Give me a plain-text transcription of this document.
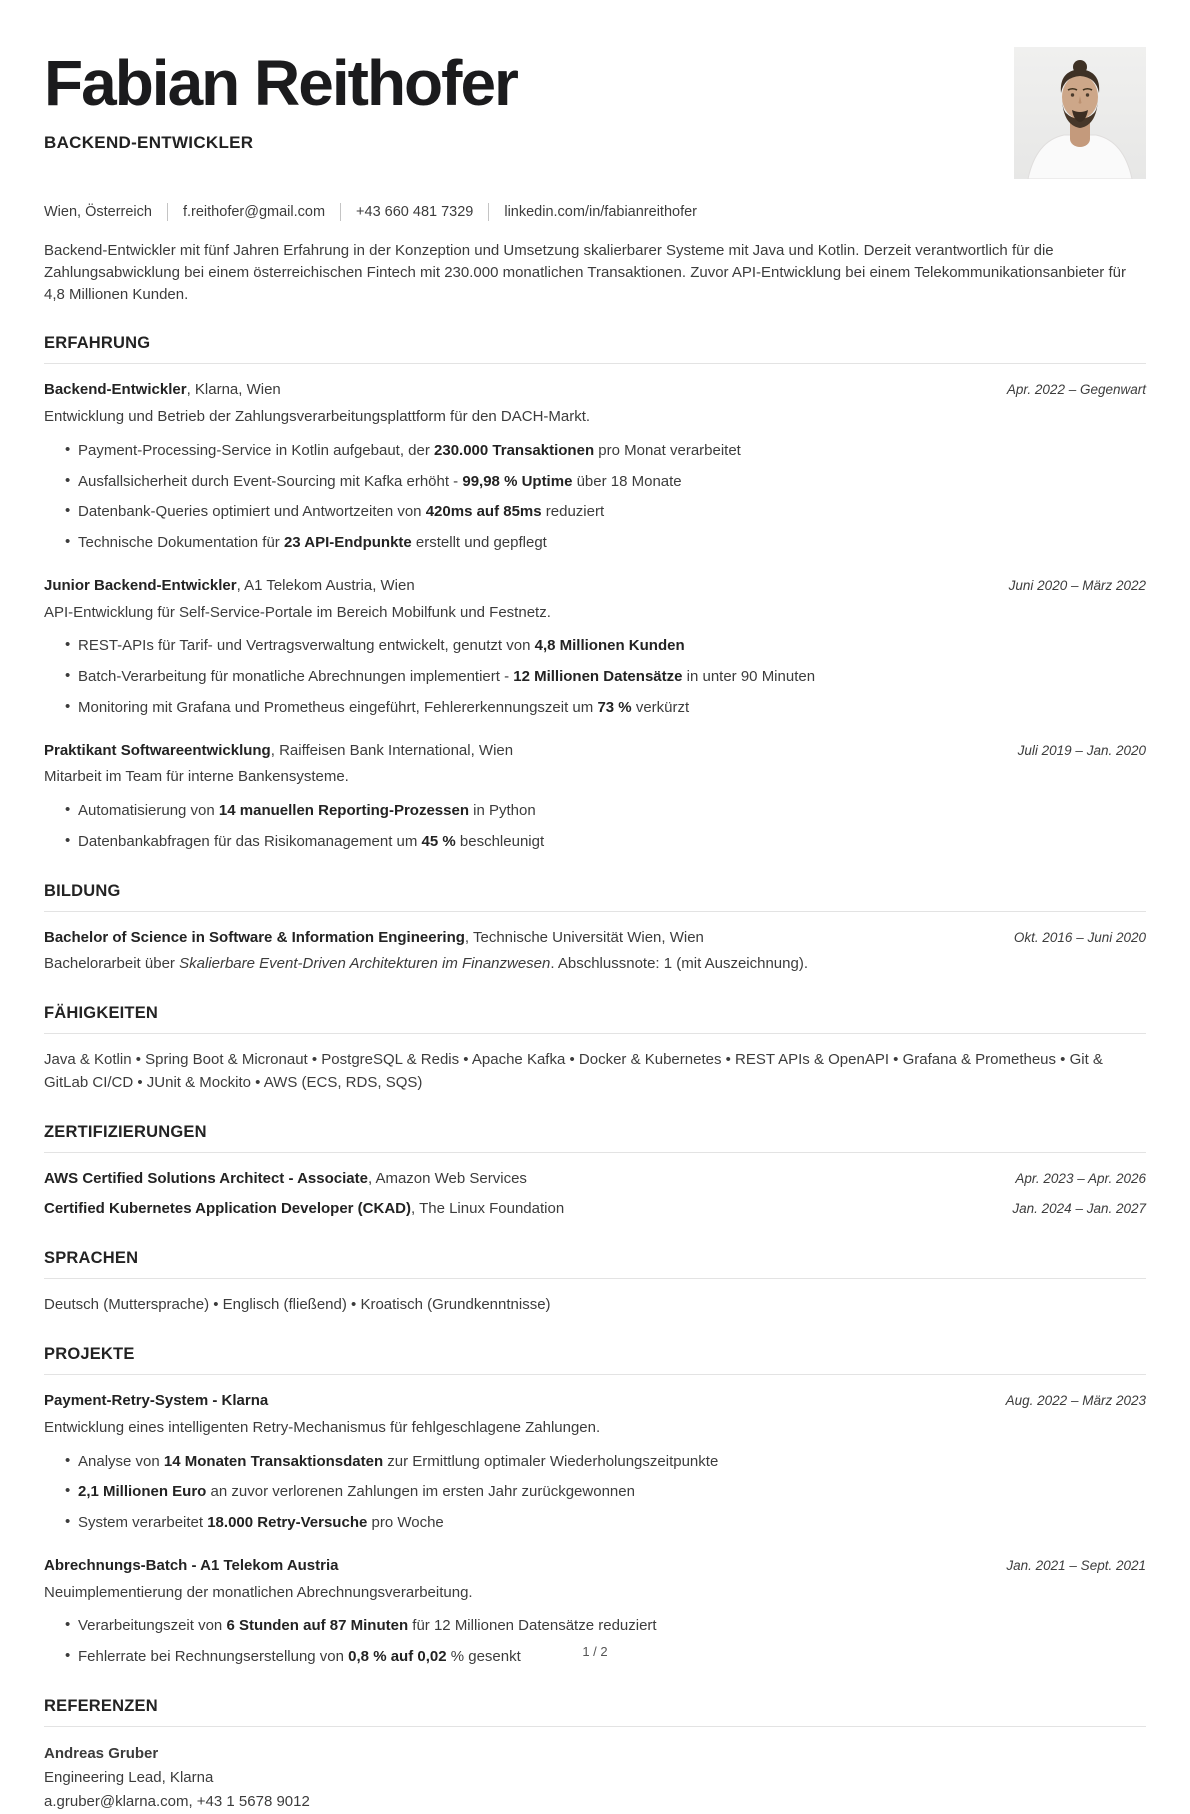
Fabian Reithofer
BACKEND-ENTWICKLER
Wien, Österreich f.reithofer@gmail.com +43 660 481 7329 linkedin.com/in/fabianreithofer

Backend-Entwickler mit fünf Jahren Erfahrung in der Konzeption und Umsetzung skalierbarer Systeme mit Java und Kotlin. Derzeit verantwortlich für die Zahlungsabwicklung bei einem österreichischen Fintech mit 230.000 monatlichen Transaktionen. Zuvor API-Entwicklung bei einem Telekommunikationsanbieter für 4,8 Millionen Kunden.

ERFAHRUNG
Backend-Entwickler, Klarna, Wien	Apr. 2022 – Gegenwart
Entwicklung und Betrieb der Zahlungsverarbeitungsplattform für den DACH-Markt.
• Payment-Processing-Service in Kotlin aufgebaut, der 230.000 Transaktionen pro Monat verarbeitet
• Ausfallsicherheit durch Event-Sourcing mit Kafka erhöht - 99,98 % Uptime über 18 Monate
• Datenbank-Queries optimiert und Antwortzeiten von 420ms auf 85ms reduziert
• Technische Dokumentation für 23 API-Endpunkte erstellt und gepflegt
Junior Backend-Entwickler, A1 Telekom Austria, Wien	Juni 2020 – März 2022
API-Entwicklung für Self-Service-Portale im Bereich Mobilfunk und Festnetz.
• REST-APIs für Tarif- und Vertragsverwaltung entwickelt, genutzt von 4,8 Millionen Kunden
• Batch-Verarbeitung für monatliche Abrechnungen implementiert - 12 Millionen Datensätze in unter 90 Minuten
• Monitoring mit Grafana und Prometheus eingeführt, Fehlererkennungszeit um 73 % verkürzt
Praktikant Softwareentwicklung, Raiffeisen Bank International, Wien	Juli 2019 – Jan. 2020
Mitarbeit im Team für interne Bankensysteme.
• Automatisierung von 14 manuellen Reporting-Prozessen in Python
• Datenbankabfragen für das Risikomanagement um 45 % beschleunigt
BILDUNG
Bachelor of Science in Software & Information Engineering, Technische Universität Wien, Wien	Okt. 2016 – Juni 2020
Bachelorarbeit über Skalierbare Event-Driven Architekturen im Finanzwesen. Abschlussnote: 1 (mit Auszeichnung).
FÄHIGKEITEN

Java & Kotlin • Spring Boot & Micronaut • PostgreSQL & Redis • Apache Kafka • Docker & Kubernetes • REST APIs & OpenAPI • Grafana & Prometheus • Git & GitLab CI/CD • JUnit & Mockito • AWS (ECS, RDS, SQS)

ZERTIFIZIERUNGEN
AWS Certified Solutions Architect - Associate, Amazon Web Services	Apr. 2023 – Apr. 2026
Certified Kubernetes Application Developer (CKAD), The Linux Foundation	Jan. 2024 – Jan. 2027
SPRACHEN

Deutsch (Muttersprache) • Englisch (fließend) • Kroatisch (Grundkenntnisse)

PROJEKTE
Payment-Retry-System - Klarna	Aug. 2022 – März 2023
Entwicklung eines intelligenten Retry-Mechanismus für fehlgeschlagene Zahlungen.
• Analyse von 14 Monaten Transaktionsdaten zur Ermittlung optimaler Wiederholungszeitpunkte
• 2,1 Millionen Euro an zuvor verlorenen Zahlungen im ersten Jahr zurückgewonnen
• System verarbeitet 18.000 Retry-Versuche pro Woche
Abrechnungs-Batch - A1 Telekom Austria	Jan. 2021 – Sept. 2021
Neuimplementierung der monatlichen Abrechnungsverarbeitung.
• Verarbeitungszeit von 6 Stunden auf 87 Minuten für 12 Millionen Datensätze reduziert
• Fehlerrate bei Rechnungserstellung von 0,8 % auf 0,02 % gesenkt
REFERENZEN
Andreas Gruber
Engineering Lead, Klarna
a.gruber@klarna.com, +43 1 5678 9012
1 / 2
